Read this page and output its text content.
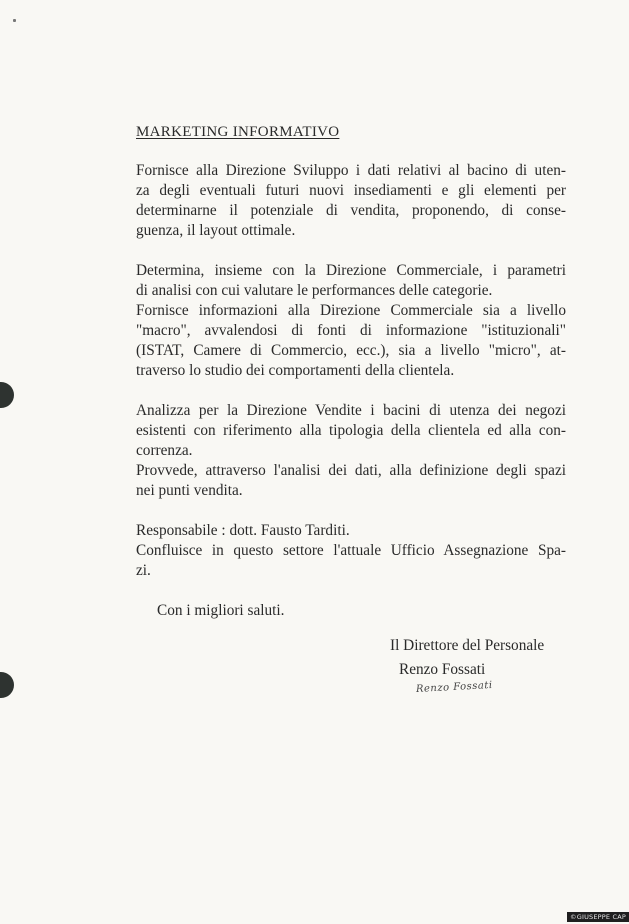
MARKETING INFORMATIVO
Fornisce alla Direzione Sviluppo i dati relativi al bacino di uten-
za degli eventuali futuri nuovi insediamenti e gli elementi per
determinarne il potenziale di vendita, proponendo, di conse-
guenza, il layout ottimale.
Determina, insieme con la Direzione Commerciale, i parametri
di analisi con cui valutare le performances delle categorie.
Fornisce informazioni alla Direzione Commerciale sia a livello
"macro", avvalendosi di fonti di informazione "istituzionali"
(ISTAT, Camere di Commercio, ecc.), sia a livello "micro", at-
traverso lo studio dei comportamenti della clientela.
Analizza per la Direzione Vendite i bacini di utenza dei negozi
esistenti con riferimento alla tipologia della clientela ed alla con-
correnza.
Provvede, attraverso l'analisi dei dati, alla definizione degli spazi
nei punti vendita.
Responsabile : dott. Fausto Tarditi.
Confluisce in questo settore l'attuale Ufficio Assegnazione Spa-
zi.
Con i migliori saluti.
Il Direttore del Personale
Renzo Fossati
Renzo Fossati
©GIUSEPPE CAP
